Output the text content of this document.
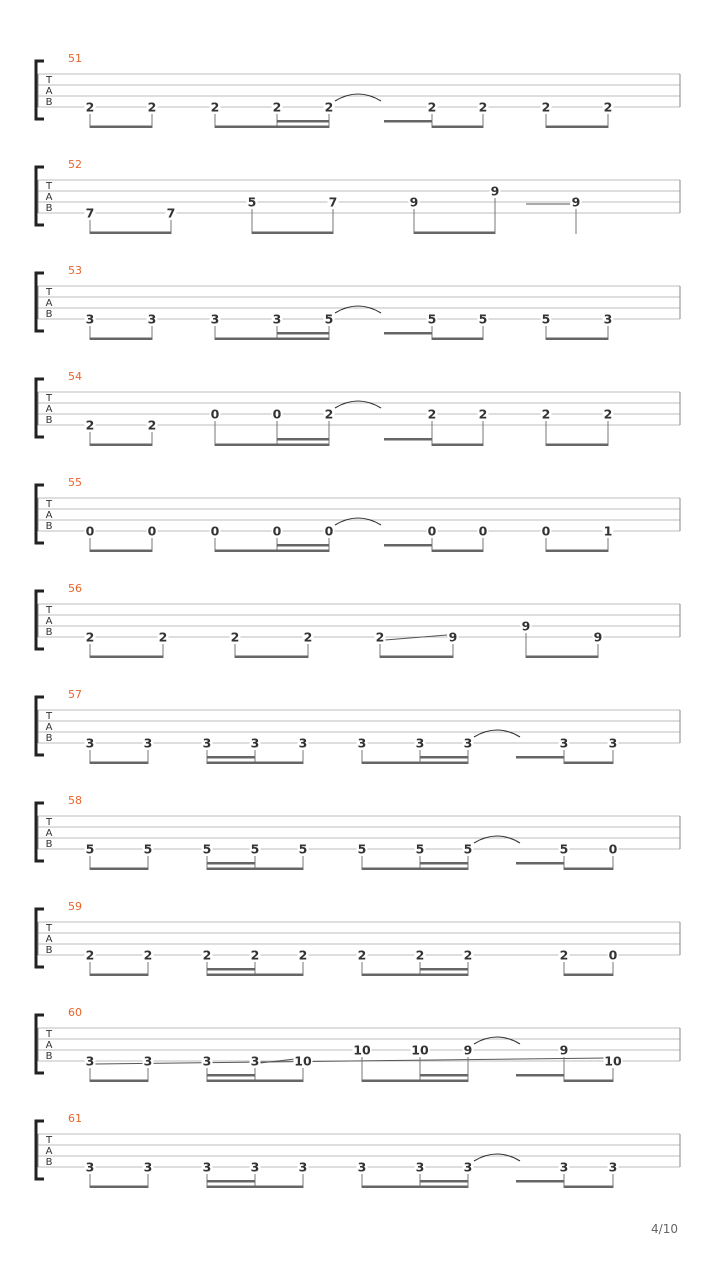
51
T
A
B	2	2	2	2	2	2	2	2	2
52
T
A
B	7	7
5	7	9
9
9
53
T
A
B	3	3	3	3	5	5	5	5	3
54
T
A
B	2	2
0	0	2	2	2	2	2
55
T
A
B	0	0	0	0	0	0	0	0	1
56
T
A
B	2	2	2	2	2	9
9
9
57
T
A
B	3	3	3	3	3	3	3	3	3	3
58
T
A
B	5	5	5	5	5	5	5	5	5	0
59
T
A
B	2	2	2	2	2	2	2	2	2	0
60
T
A
B	3	3	3	3	10
10	10	9	9
10
61
T
A
B	3	3	3	3	3	3	3	3	3	3
4/10
